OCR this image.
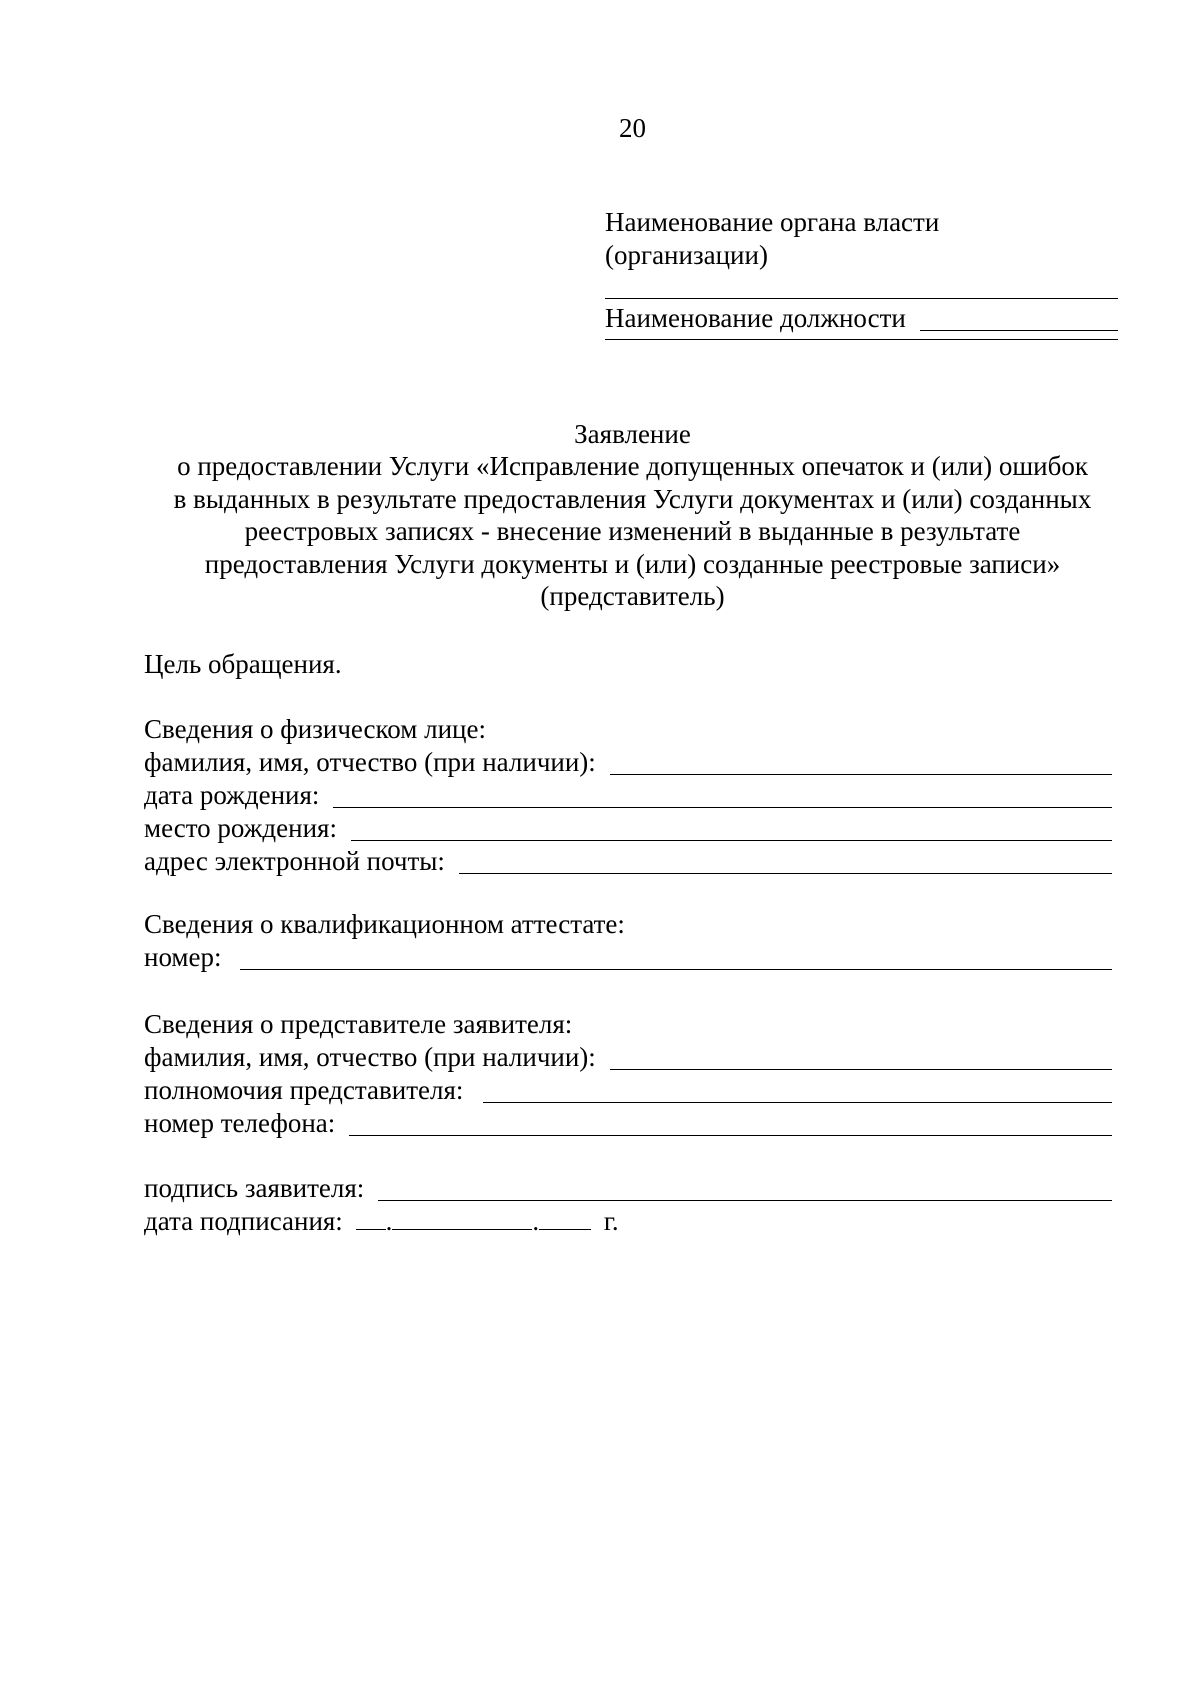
20
Наименование органа власти
(организации)
Наименование должности
Заявление
о предоставлении Услуги «Исправление допущенных опечаток и (или) ошибок
в выданных в результате предоставления Услуги документах и (или) созданных
реестровых записях - внесение изменений в выданные в результате
предоставления Услуги документы и (или) созданные реестровые записи»
(представитель)
Цель обращения.
Сведения о физическом лице:
фамилия, имя, отчество (при наличии):
дата рождения:
место рождения:
адрес электронной почты:
Сведения о квалификационном аттестате:
номер:
Сведения о представителе заявителя:
фамилия, имя, отчество (при наличии):
полномочия представителя:
номер телефона:
подпись заявителя:
дата подписания: .	. г.
